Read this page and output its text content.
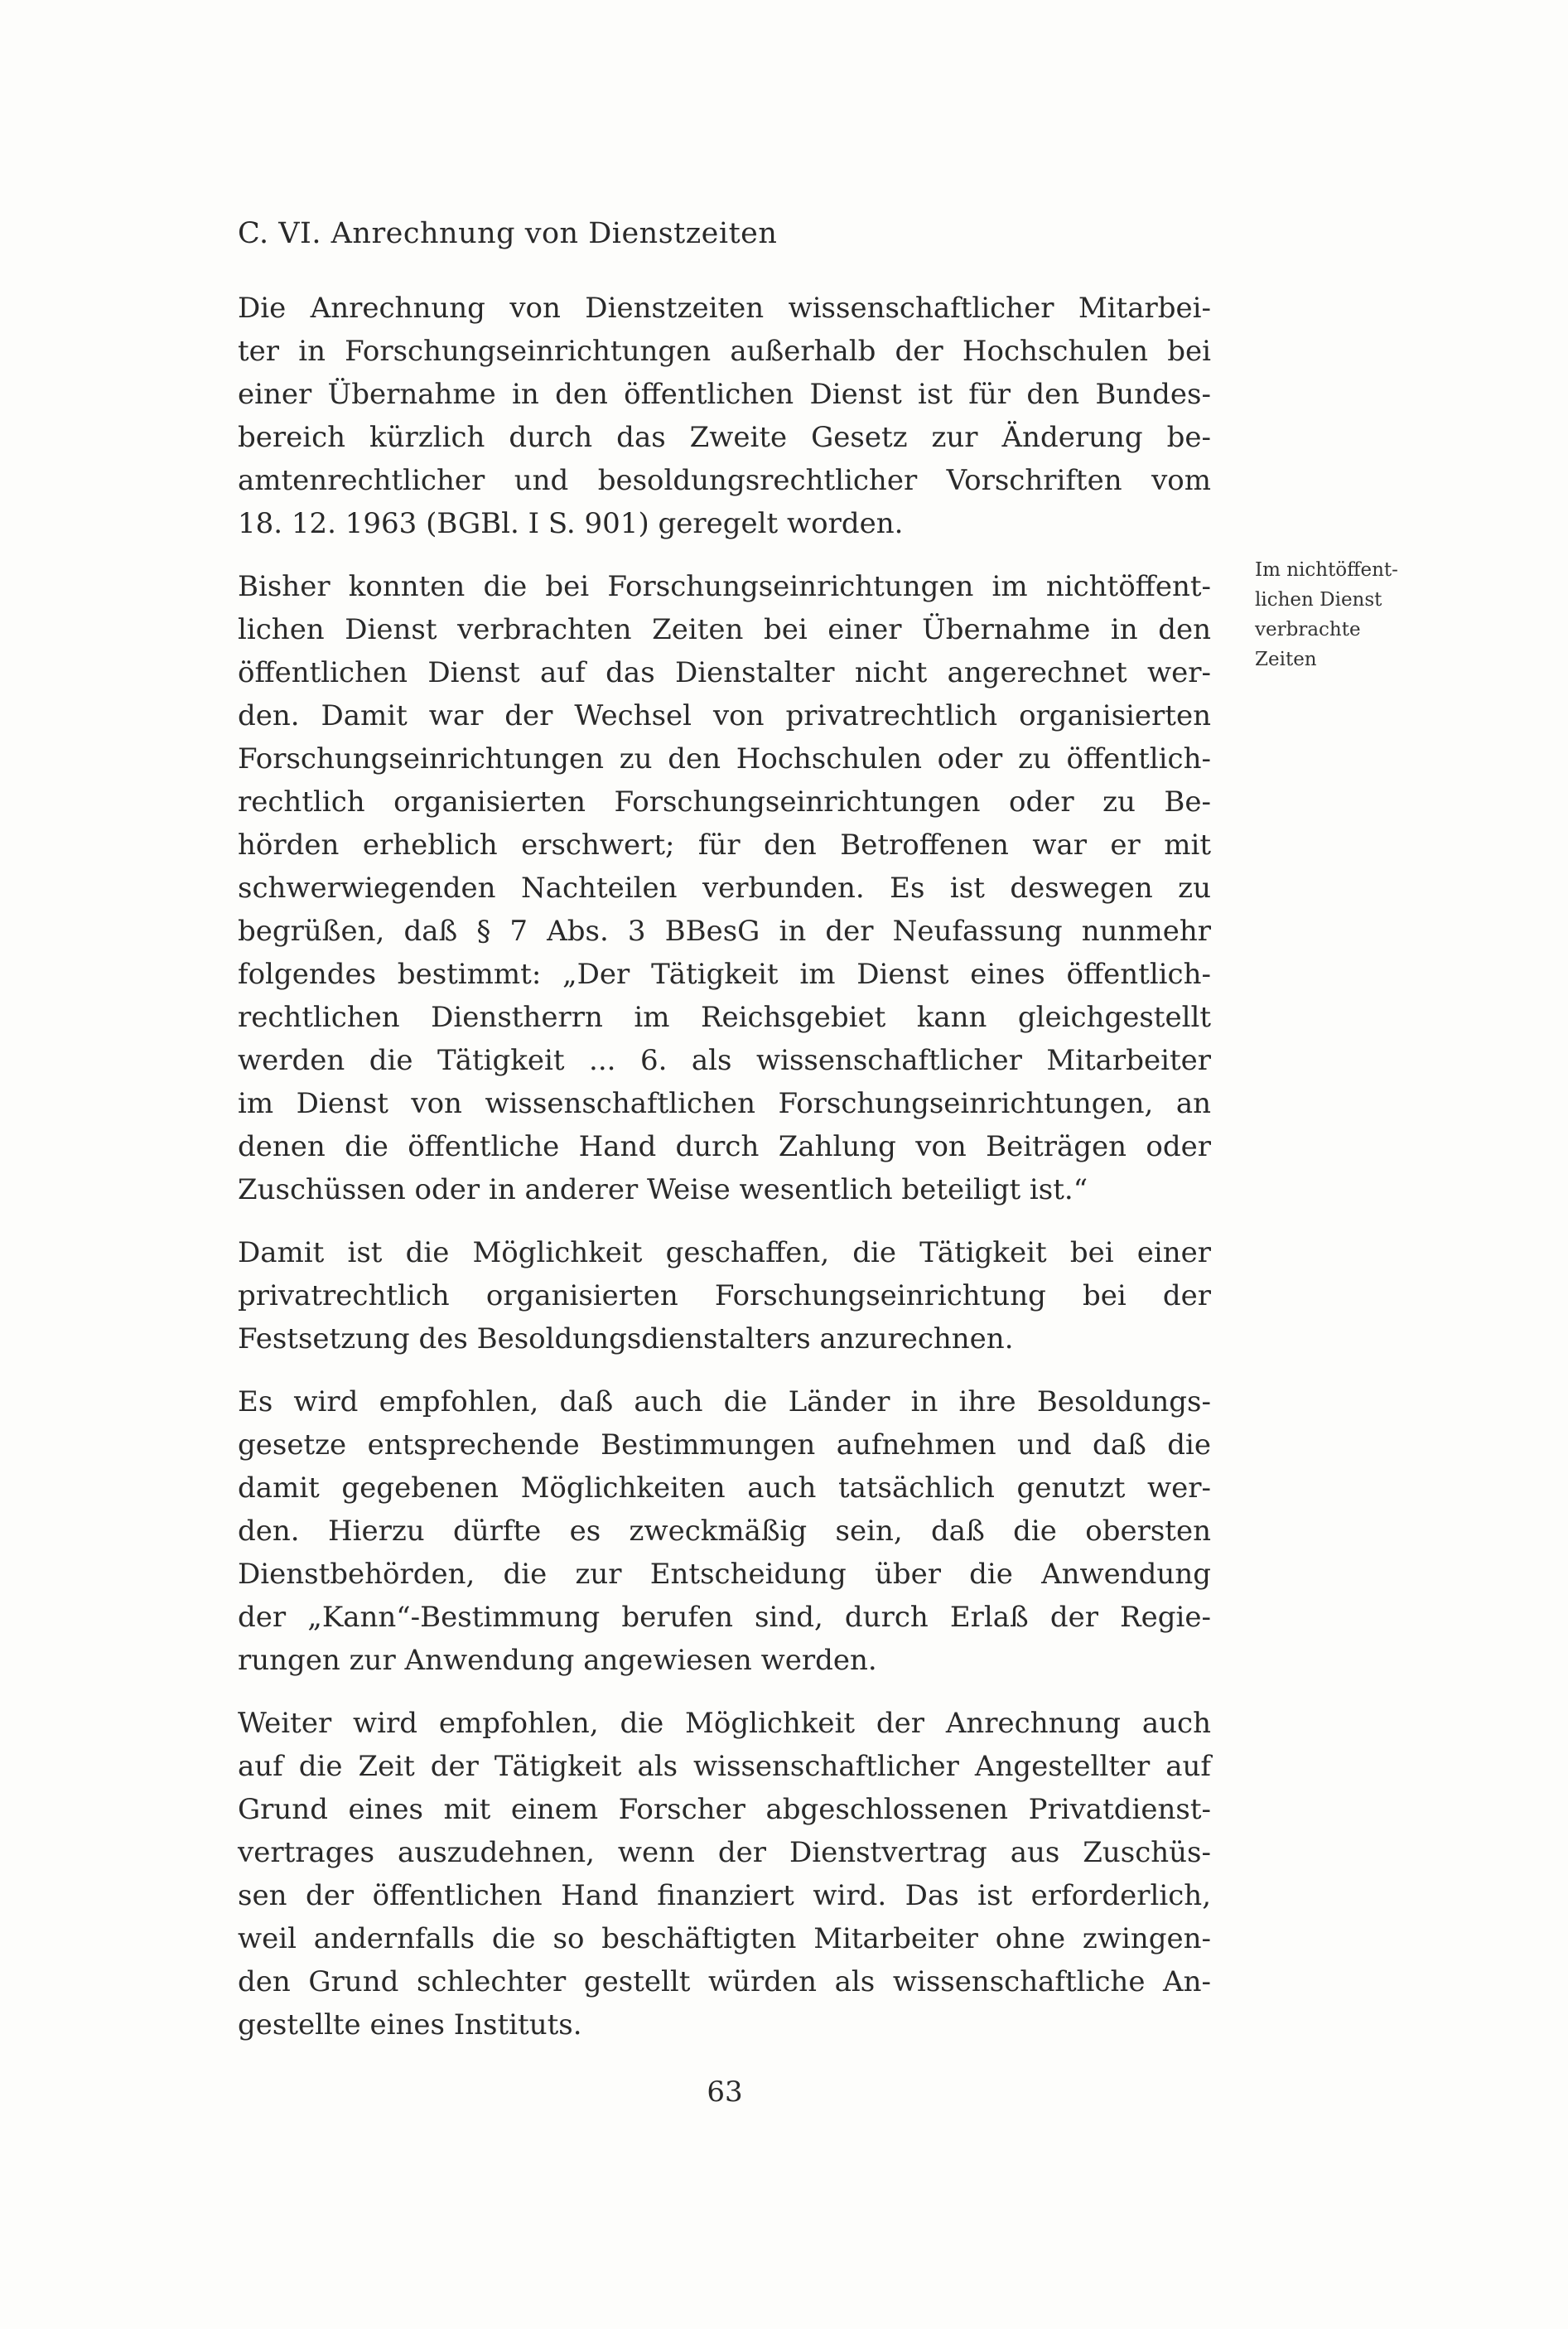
C. VI. Anrechnung von Dienstzeiten
Die Anrechnung von Dienstzeiten wissenschaftlicher Mitarbei-
ter in Forschungseinrichtungen außerhalb der Hochschulen bei
einer Übernahme in den öffentlichen Dienst ist für den Bundes-
bereich kürzlich durch das Zweite Gesetz zur Änderung be-
amtenrechtlicher und besoldungsrechtlicher Vorschriften vom
18. 12. 1963 (BGBl. I S. 901) geregelt worden.
Bisher konnten die bei Forschungseinrichtungen im nichtöffent-
lichen Dienst verbrachten Zeiten bei einer Übernahme in den
öffentlichen Dienst auf das Dienstalter nicht angerechnet wer-
den. Damit war der Wechsel von privatrechtlich organisierten
Forschungseinrichtungen zu den Hochschulen oder zu öffentlich-
rechtlich organisierten Forschungseinrichtungen oder zu Be-
hörden erheblich erschwert; für den Betroffenen war er mit
schwerwiegenden Nachteilen verbunden. Es ist deswegen zu
begrüßen, daß § 7 Abs. 3 BBesG in der Neufassung nunmehr
folgendes bestimmt: „Der Tätigkeit im Dienst eines öffentlich-
rechtlichen Dienstherrn im Reichsgebiet kann gleichgestellt
werden die Tätigkeit ... 6. als wissenschaftlicher Mitarbeiter
im Dienst von wissenschaftlichen Forschungseinrichtungen, an
denen die öffentliche Hand durch Zahlung von Beiträgen oder
Zuschüssen oder in anderer Weise wesentlich beteiligt ist.“
Damit ist die Möglichkeit geschaffen, die Tätigkeit bei einer
privatrechtlich organisierten Forschungseinrichtung bei der
Festsetzung des Besoldungsdienstalters anzurechnen.
Es wird empfohlen, daß auch die Länder in ihre Besoldungs-
gesetze entsprechende Bestimmungen aufnehmen und daß die
damit gegebenen Möglichkeiten auch tatsächlich genutzt wer-
den. Hierzu dürfte es zweckmäßig sein, daß die obersten
Dienstbehörden, die zur Entscheidung über die Anwendung
der „Kann“-Bestimmung berufen sind, durch Erlaß der Regie-
rungen zur Anwendung angewiesen werden.
Weiter wird empfohlen, die Möglichkeit der Anrechnung auch
auf die Zeit der Tätigkeit als wissenschaftlicher Angestellter auf
Grund eines mit einem Forscher abgeschlossenen Privatdienst-
vertrages auszudehnen, wenn der Dienstvertrag aus Zuschüs-
sen der öffentlichen Hand finanziert wird. Das ist erforderlich,
weil andernfalls die so beschäftigten Mitarbeiter ohne zwingen-
den Grund schlechter gestellt würden als wissenschaftliche An-
gestellte eines Instituts.
Im nichtöffent-
lichen Dienst
verbrachte
Zeiten
63
